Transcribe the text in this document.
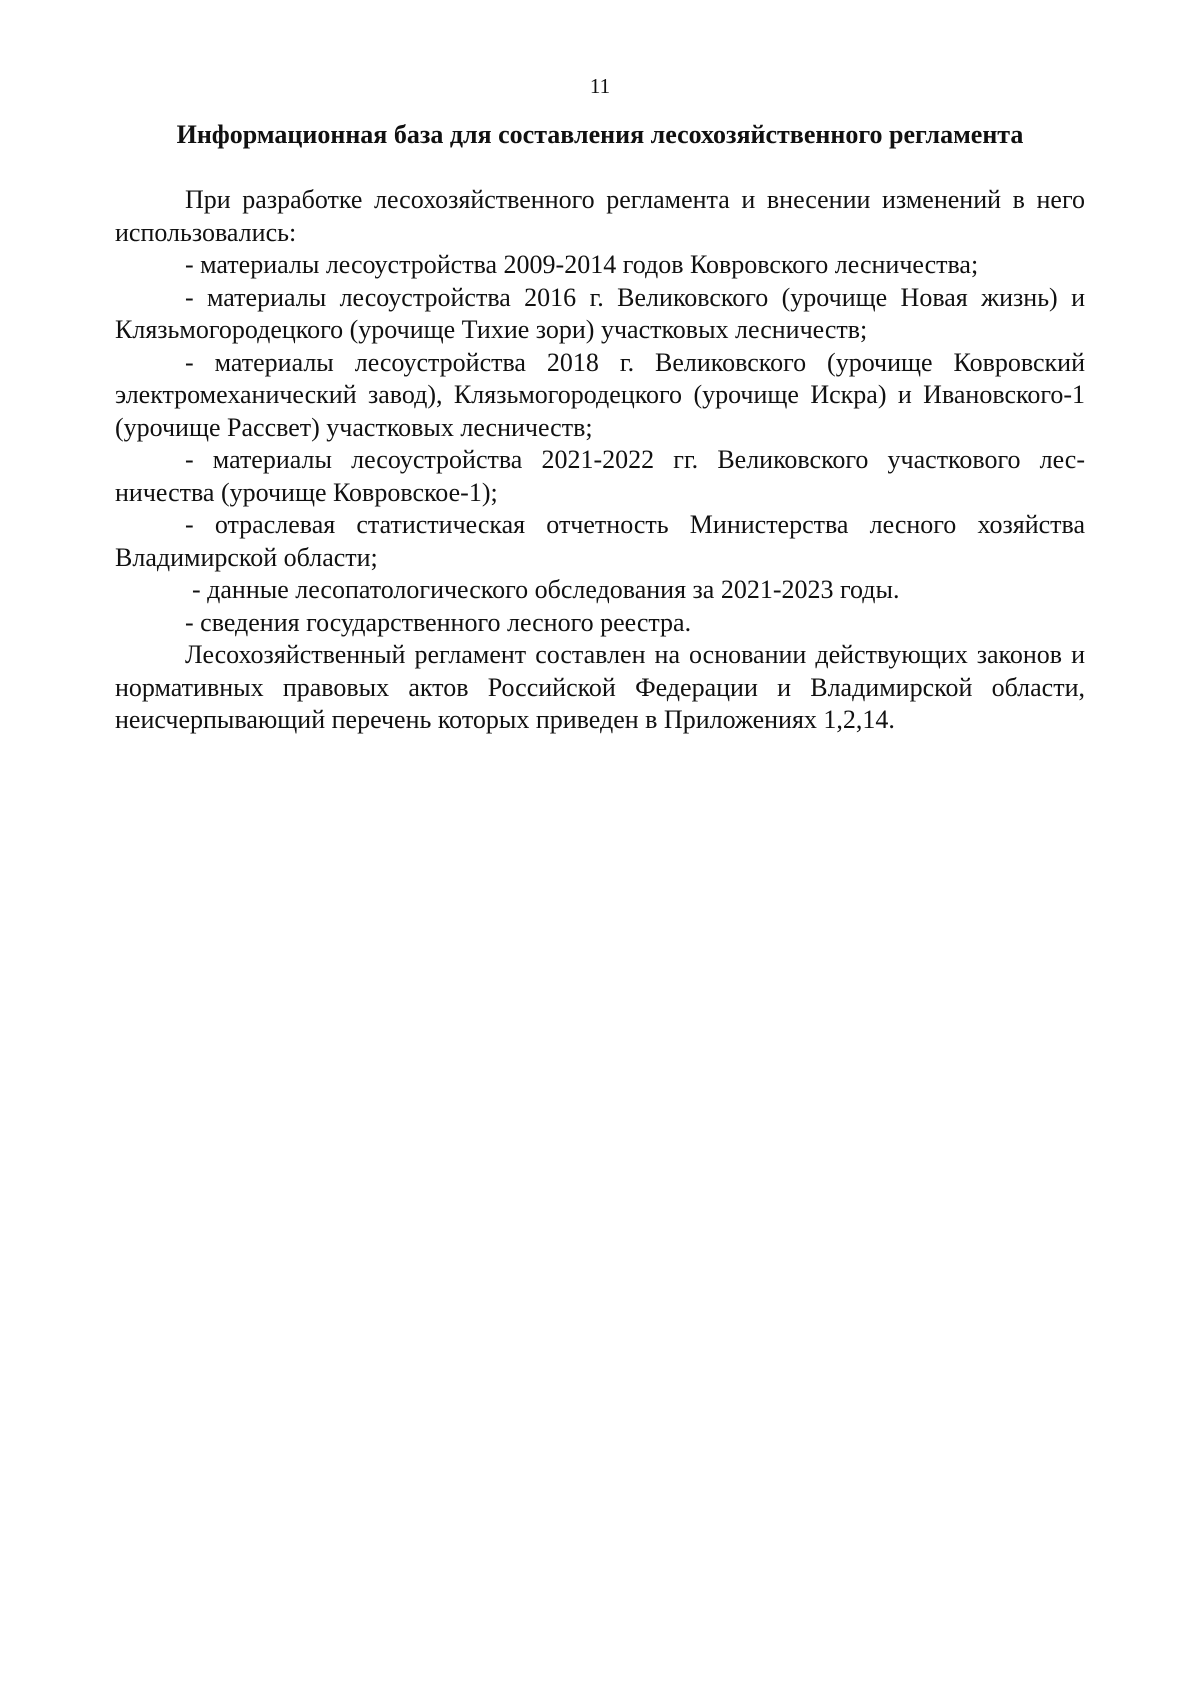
11
Информационная база для составления лесохозяйственного регламента

При разработке лесохозяйственного регламента и внесении изменений в него использовались:

- материалы лесоустройства 2009-2014 годов Ковровского лесничества;

- материалы лесоустройства 2016 г. Великовского (урочище Новая жизнь) и Клязьмогородецкого (урочище Тихие зори) участковых лесничеств;

- материалы лесоустройства 2018 г. Великовского (урочище Ковровский электромеханический завод), Клязьмогородецкого (урочище Искра) и Ивановского-1 (урочище Рассвет) участковых лесничеств;

- материалы лесоустройства 2021-2022 гг. Великовского участкового лесничества (урочище Ковровское-1);

- отраслевая статистическая отчетность Министерства лесного хозяйства Владимирской области;

- данные лесопатологического обследования за 2021-2023 годы.

- сведения государственного лесного реестра.

Лесохозяйственный регламент составлен на основании действующих законов и нормативных правовых актов Российской Федерации и Владимирской области, неисчерпывающий перечень которых приведен в Приложениях 1,2,14.
